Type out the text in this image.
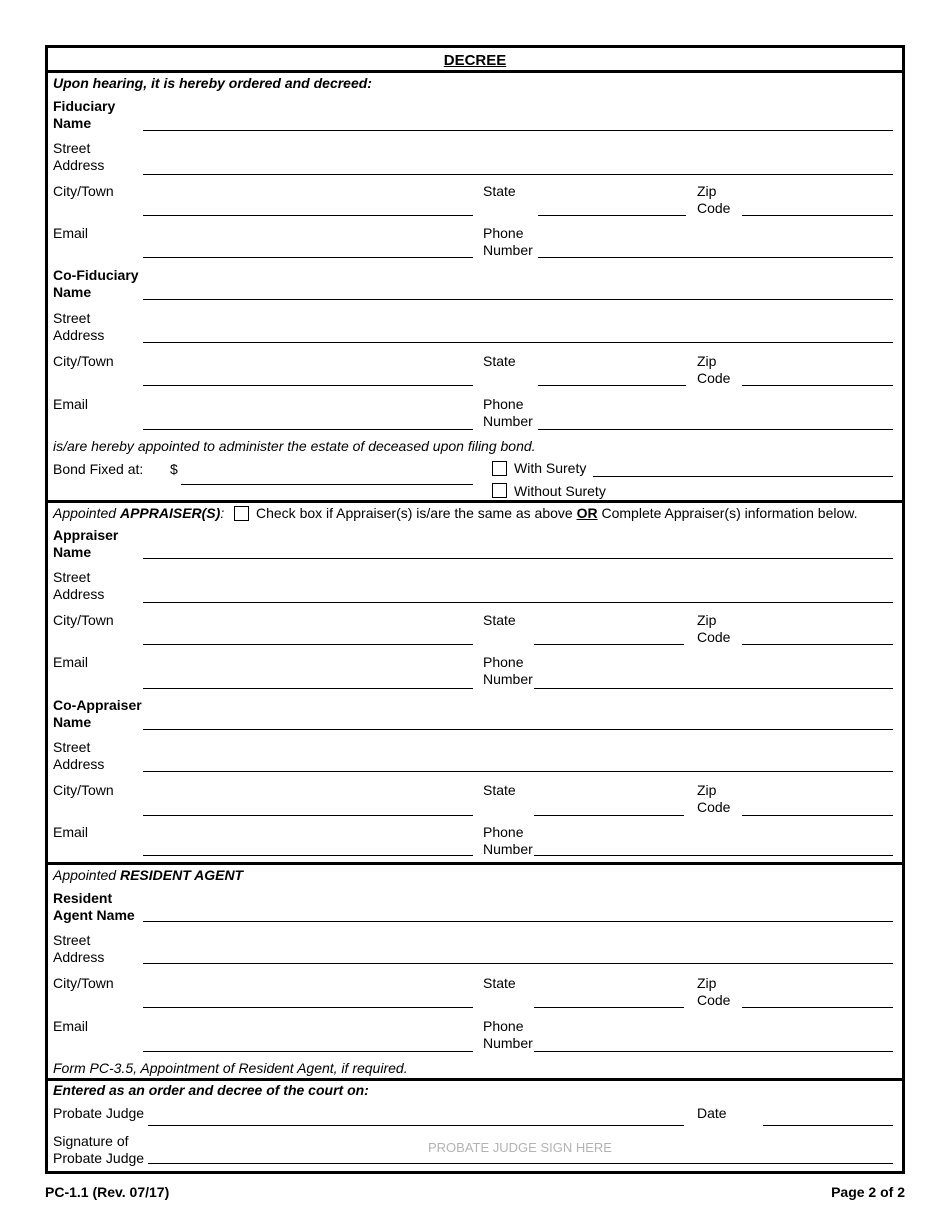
DECREE
Upon hearing, it is hereby ordered and decreed:
Fiduciary
Name
Street
Address
City/Town	State	Zip
Code
Email	Phone
Number
Co-Fiduciary
Name
Street
Address
City/Town	State	Zip
Code
Email	Phone
Number
is/are hereby appointed to administer the estate of deceased upon filing bond.
Bond Fixed at: $	With Surety
Without Surety
Appointed APPRAISER(S): Check box if Appraiser(s) is/are the same as above OR Complete Appraiser(s) information below.
Appraiser
Name
Street
Address
City/Town	State	Zip
Code
Email	Phone
Number
Co-Appraiser
Name
Street
Address
City/Town	State	Zip
Code
Email	Phone
Number
Appointed RESIDENT AGENT
Resident
Agent Name
Street
Address
City/Town	State	Zip
Code
Email	Phone
Number
Form PC-3.5, Appointment of Resident Agent, if required.
Entered as an order and decree of the court on:
Probate Judge	Date
Signature of
Probate Judge
PROBATE JUDGE SIGN HERE
PC-1.1 (Rev. 07/17)	Page 2 of 2
